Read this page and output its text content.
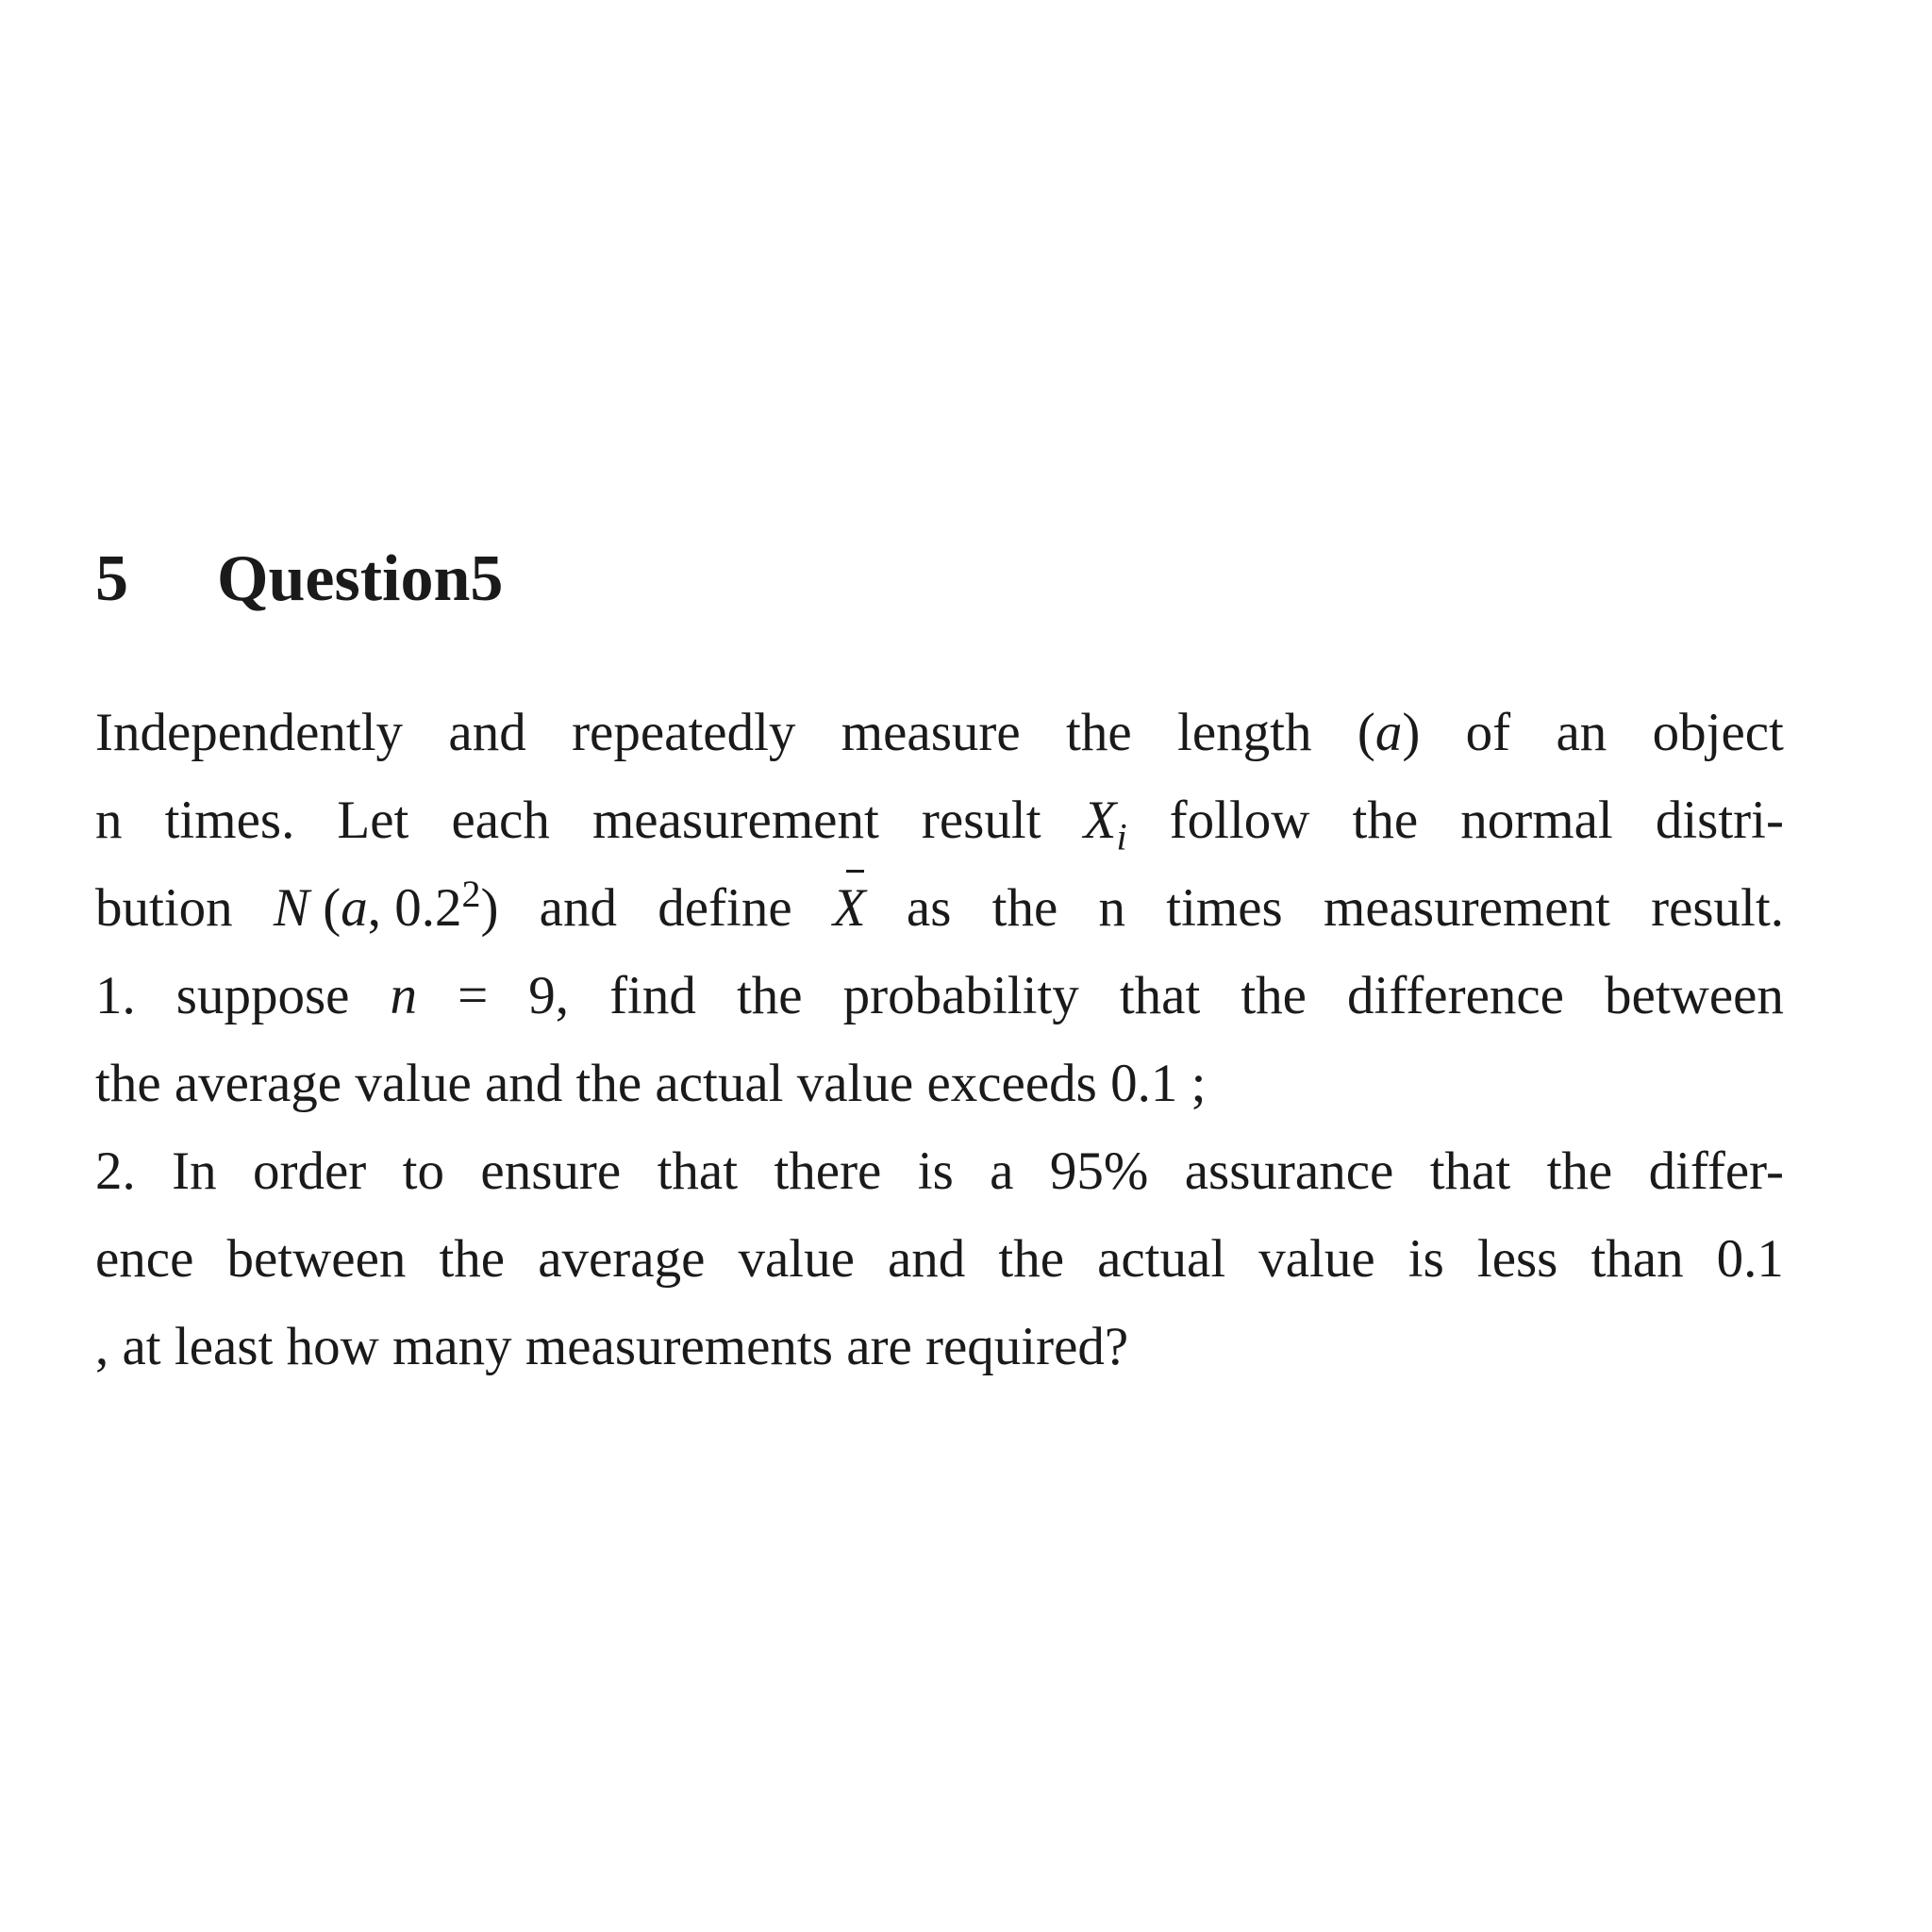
5 Question5
Independently and repeatedly measure the length (a) of an object
n times. Let each measurement result $X_i$ follow the normal distri-
bution N (a, $0.2^2$) and define X as the n times measurement result.
1. suppose n = 9, find the probability that the difference between
the average value and the actual value exceeds 0.1 ;
2. In order to ensure that there is a 95% assurance that the differ-
ence between the average value and the actual value is less than 0.1
, at least how many measurements are required?
